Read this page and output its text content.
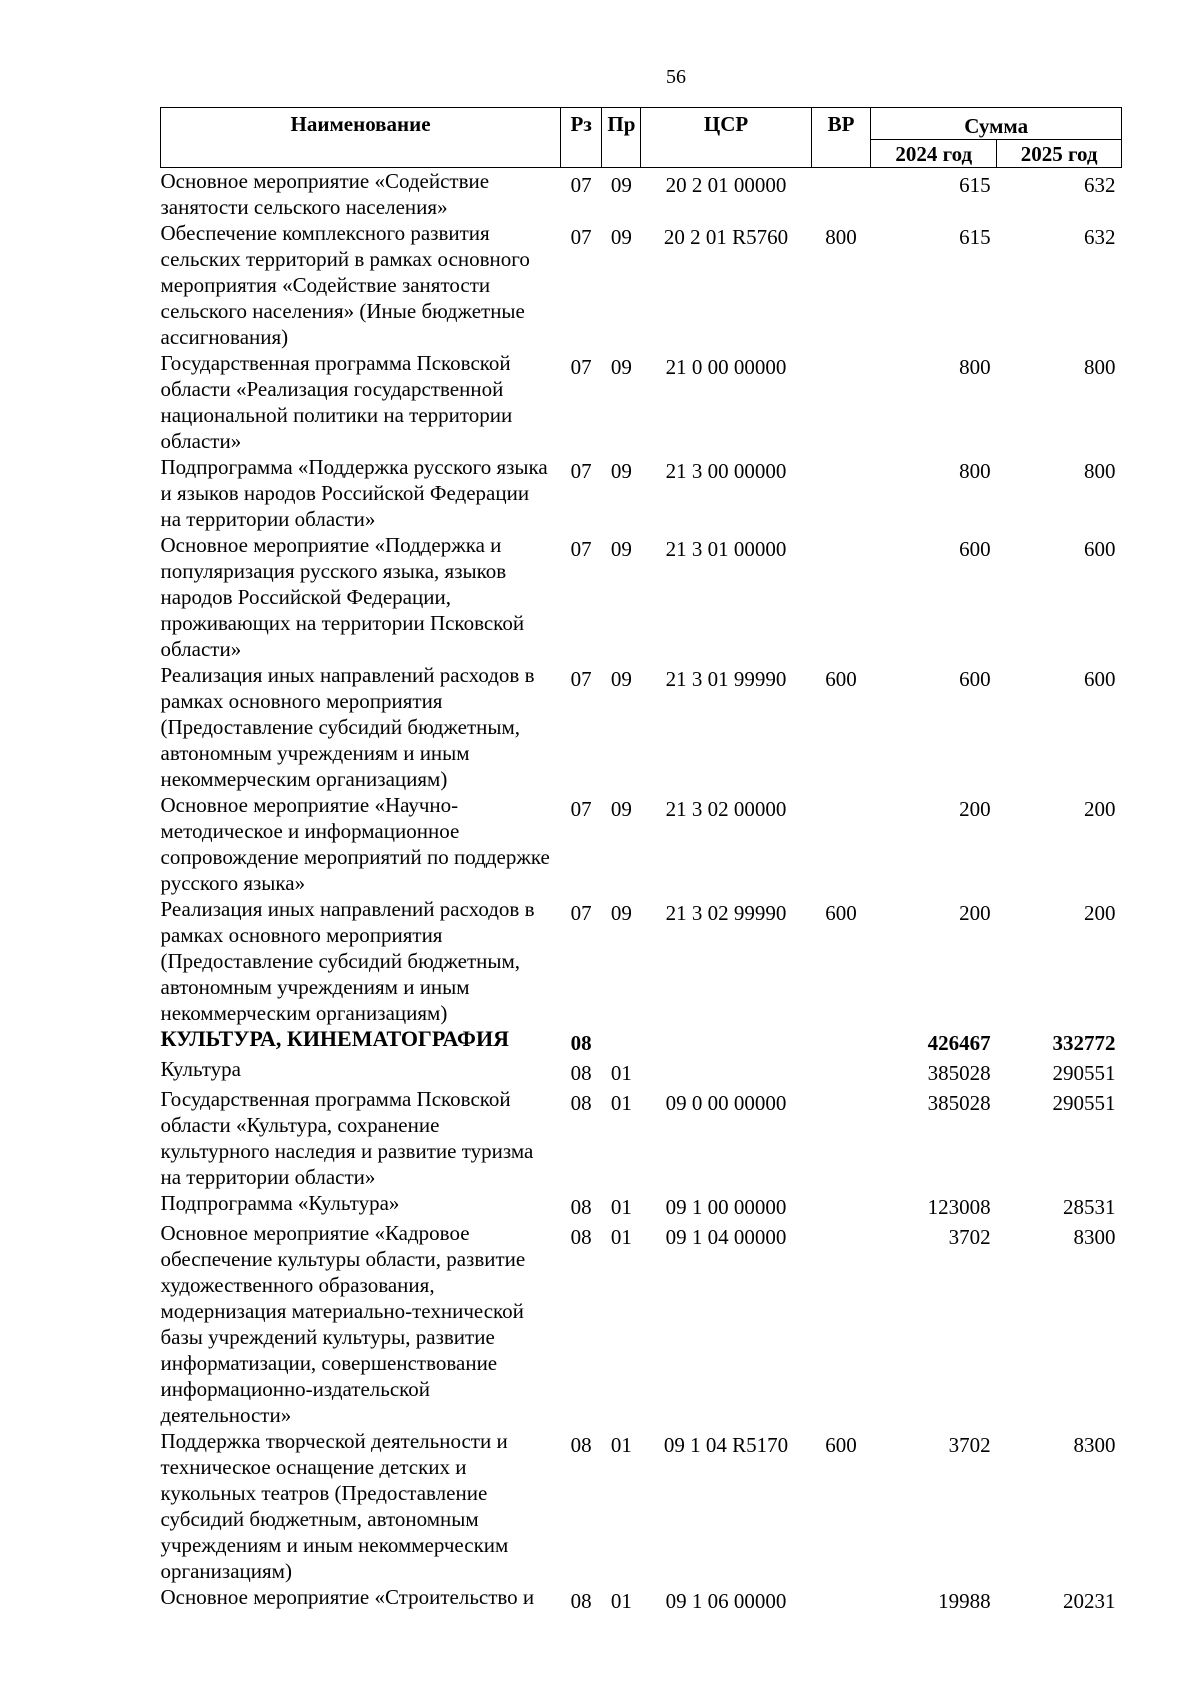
56
Наименование	Рз	Пр	ЦСР	ВР	Сумма	
					2024 год	2025 год
Основное мероприятие «Содействие занятости сельского населения»	07	09	20 2 01 00000		615	632

Обеспечение комплексного развития сельских территорий в рамках основного мероприятия «Содействие занятости сельского населения» (Иные бюджетные ассигнования)	07	09	20 2 01 R5760	800	615	632

Государственная программа Псковской области «Реализация государственной национальной политики на территории области»	07	09	21 0 00 00000		800	800

Подпрограмма «Поддержка русского языка и языков народов Российской Федерации на территории области»	07	09	21 3 00 00000		800	800

Основное мероприятие «Поддержка и популяризация русского языка, языков народов Российской Федерации, проживающих на территории Псковской области»	07	09	21 3 01 00000		600	600

Реализация иных направлений расходов в рамках основного мероприятия (Предоставление субсидий бюджетным, автономным учреждениям и иным некоммерческим организациям)	07	09	21 3 01 99990	600	600	600

Основное мероприятие «Научно-методическое и информационное сопровождение мероприятий по поддержке русского языка»	07	09	21 3 02 00000		200	200

Реализация иных направлений расходов в рамках основного мероприятия (Предоставление субсидий бюджетным, автономным учреждениям и иным некоммерческим организациям)	07	09	21 3 02 99990	600	200	200

КУЛЬТУРА, КИНЕМАТОГРАФИЯ	08				426467	332772

Культура	08	01			385028	290551

Государственная программа Псковской области «Культура, сохранение культурного наследия и развитие туризма на территории области»	08	01	09 0 00 00000		385028	290551

Подпрограмма «Культура»	08	01	09 1 00 00000		123008	28531

Основное мероприятие «Кадровое обеспечение культуры области, развитие художественного образования, модернизация материально-технической базы учреждений культуры, развитие информатизации, совершенствование информационно-издательской деятельности»	08	01	09 1 04 00000		3702	8300

Поддержка творческой деятельности и техническое оснащение детских и кукольных театров (Предоставление субсидий бюджетным, автономным учреждениям и иным некоммерческим организациям)	08	01	09 1 04 R5170	600	3702	8300

Основное мероприятие «Строительство и	08	01	09 1 06 00000		19988	20231
